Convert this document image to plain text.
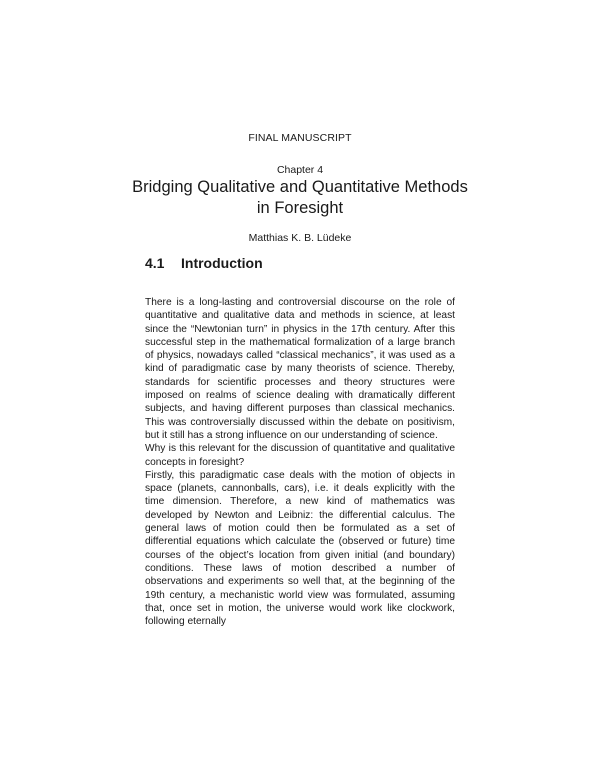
FINAL MANUSCRIPT
Chapter 4
Bridging Qualitative and Quantitative Methods
in Foresight
Matthias K. B. Lüdeke
4.1 Introduction

There is a long-lasting and controversial discourse on the role of quantitative and qualitative data and methods in science, at least since the “Newtonian turn” in physics in the 17th century. After this successful step in the mathematical formalization of a large branch of physics, nowadays called “classical mechanics”, it was used as a kind of paradigmatic case by many theorists of science. Thereby, standards for scientific processes and theory structures were imposed on realms of science dealing with dramatically different subjects, and having different purposes than classical mechanics. This was controversially discussed within the debate on positivism, but it still has a strong influence on our understanding of science.

Why is this relevant for the discussion of quantitative and qualitative concepts in foresight?

Firstly, this paradigmatic case deals with the motion of objects in space (planets, cannonballs, cars), i.e. it deals explicitly with the time dimension. Therefore, a new kind of mathematics was developed by Newton and Leibniz: the differential calculus. The general laws of motion could then be formulated as a set of differential equations which calculate the (observed or future) time courses of the object’s location from given initial (and boundary) conditions. These laws of motion described a number of observations and experiments so well that, at the beginning of the 19th century, a mechanistic world view was formulated, assuming that, once set in motion, the universe would work like clockwork, following eternally
